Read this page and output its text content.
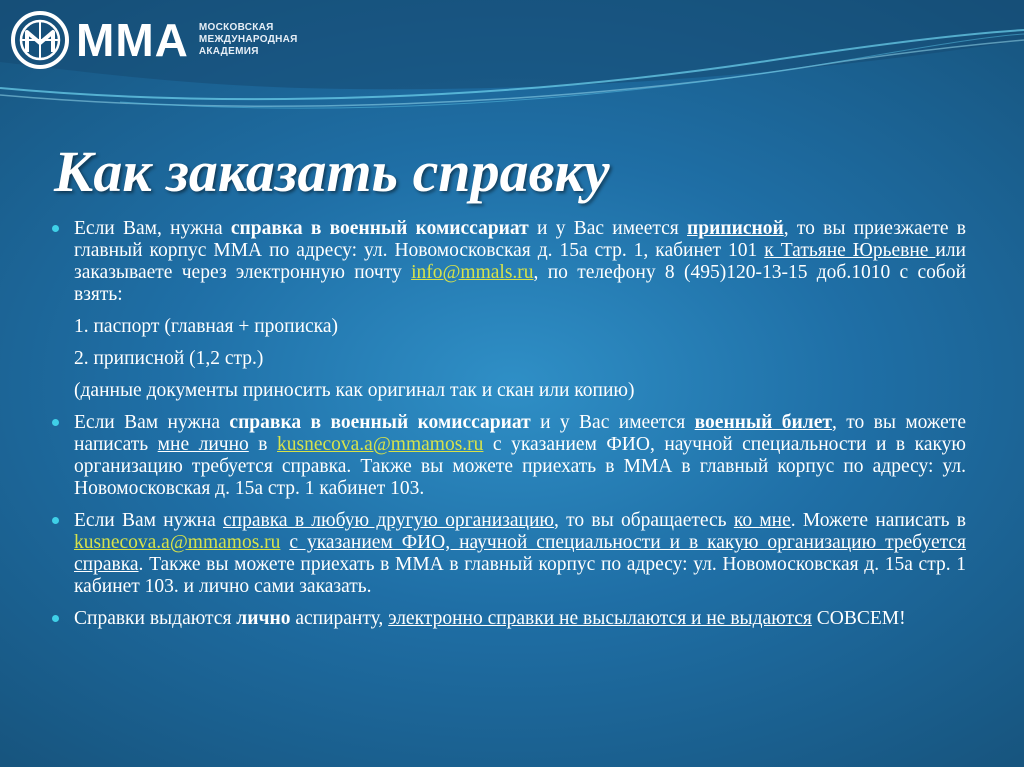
ММА МОСКОВСКАЯ
МЕЖДУНАРОДНАЯ
АКАДЕМИЯ
Как заказать справку
Если Вам, нужна справка в военный комиссариат и у Вас имеется приписной, то вы приезжаете в главный корпус ММА по адресу: ул. Новомосковская д. 15а стр. 1, кабинет 101 к Татьяне Юрьевне или заказываете через электронную почту info@mmals.ru, по телефону 8 (495)120-13-15 доб.1010 с собой взять:
1. паспорт (главная + прописка)
2. приписной (1,2 стр.)
(данные документы приносить как оригинал так и скан или копию)
Если Вам нужна справка в военный комиссариат и у Вас имеется военный билет, то вы можете написать мне лично в kusnecova.a@mmamos.ru с указанием ФИО, научной специальности и в какую организацию требуется справка. Также вы можете приехать в ММА в главный корпус по адресу: ул. Новомосковская д. 15а стр. 1 кабинет 103.
Если Вам нужна справка в любую другую организацию, то вы обращаетесь ко мне. Можете написать в kusnecova.a@mmamos.ru с указанием ФИО, научной специальности и в какую организацию требуется справка. Также вы можете приехать в ММА в главный корпус по адресу: ул. Новомосковская д. 15а стр. 1 кабинет 103. и лично сами заказать.
Справки выдаются лично аспиранту, электронно справки не высылаются и не выдаются СОВСЕМ!
